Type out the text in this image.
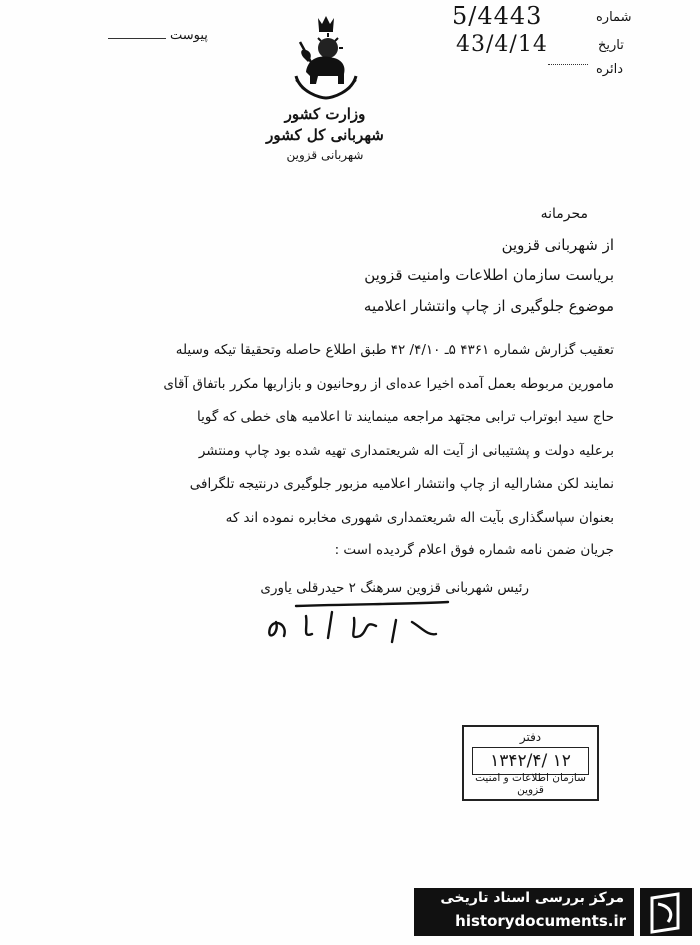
پیوست
وزارت کشور
شهربانی کل کشور
شهربانی قزوین
شماره
5/4443
تاریخ
43/4/14
دائره
محرمانه
از شهربانی قزوین
بریاست سازمان اطلاعات وامنیت قزوین
موضوع جلوگیری از چاپ وانتشار اعلامیه
تعقیب گزارش شماره ۴۳۶۱ ۵ـ ۴/۱۰/ ۴۲ طبق اطلاع حاصله وتحقیقا تیکه وسیله
مامورین مربوطه بعمل آمده اخیرا عده‌ای از روحانیون و بازاریها مکرر باتفاق آقای
حاج سید ابوتراب ترابی مجتهد مراجعه مینمایند تا اعلامیه های خطی که گویا
برعلیه دولت و پشتیبانی از آیت اله شریعتمداری تهیه شده بود چاپ ومنتشر
نمایند لکن مشارالیه از چاپ وانتشار اعلامیه مزبور جلوگیری درنتیجه تلگرافی
بعنوان سپاسگذاری بآیت اله شریعتمداری شهوری مخابره نموده اند که
جریان ضمن نامه شماره فوق اعلام گردیده است :
رئیس شهربانی قزوین سرهنگ ۲ حیدرقلی یاوری
دفتر
۱۳۴۲/۴/ ۱۲
سازمان اطلاعات و امنیت قزوین
مرکز بررسی اسناد تاریخی
historydocuments.ir
